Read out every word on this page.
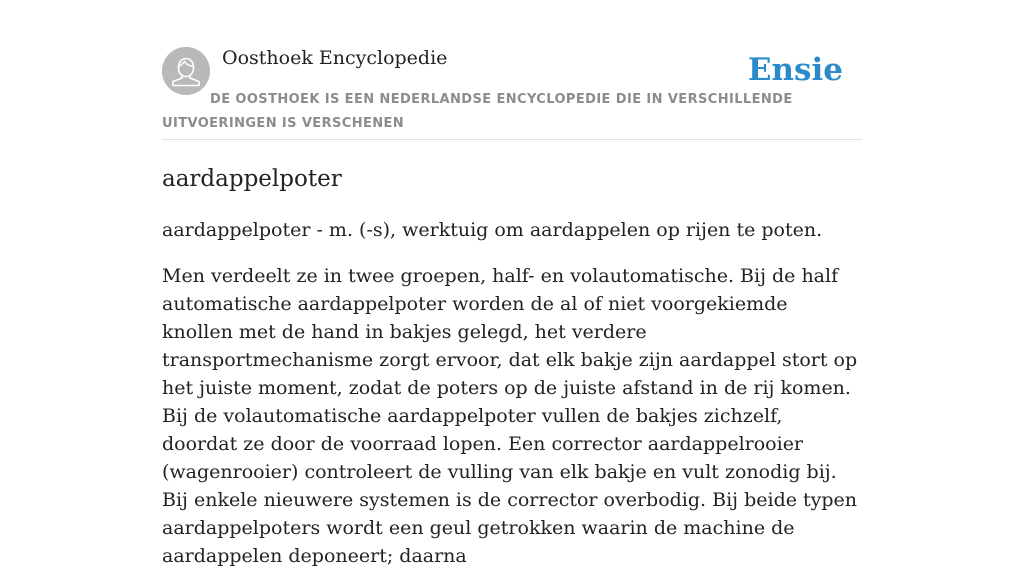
Oosthoek Encyclopedie	Ensie
DE OOSTHOEK IS EEN NEDERLANDSE ENCYCLOPEDIE DIE IN VERSCHILLENDE UITVOERINGEN IS VERSCHENEN
aardappelpoter

aardappelpoter - m. (-s), werktuig om aardappelen op rijen te poten.

Men verdeelt ze in twee groepen, half- en volautomatische. Bij de half automatische aardappelpoter worden de al of niet voorgekiemde knollen met de hand in bakjes gelegd, het verdere transportmechanisme zorgt ervoor, dat elk bakje zijn aardappel stort op het juiste moment, zodat de poters op de juiste afstand in de rij komen. Bij de volautomatische aardappelpoter vullen de bakjes zichzelf, doordat ze door de voorraad lopen. Een corrector aardappelrooier (wagenrooier) controleert de vulling van elk bakje en vult zonodig bij. Bij enkele nieuwere systemen is de corrector overbodig. Bij beide typen aardappelpoters wordt een geul getrokken waarin de machine de aardappelen deponeert; daarna
